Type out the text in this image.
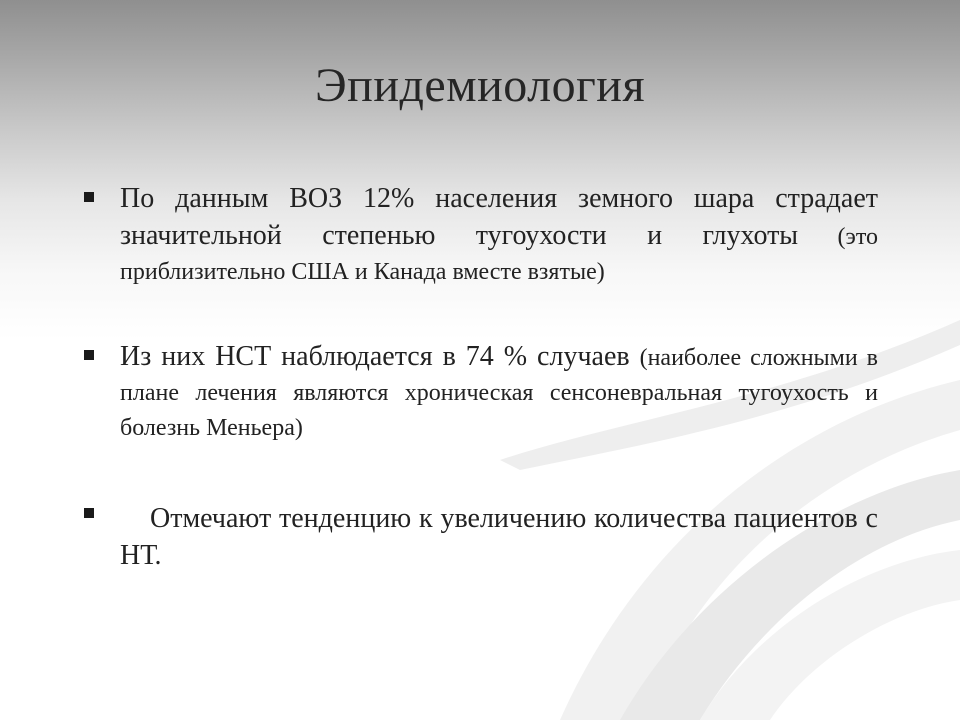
Эпидемиология
По данным ВОЗ 12% населения земного шара страдает значительной степенью тугоухости и глухоты (это приблизительно США и Канада вместе взятые)
Из них НСТ наблюдается в 74 % случаев (наиболее сложными в плане лечения являются хроническая сенсоневральная тугоухость и болезнь Меньера)
Отмечают тенденцию к увеличению количества пациентов с НТ.
